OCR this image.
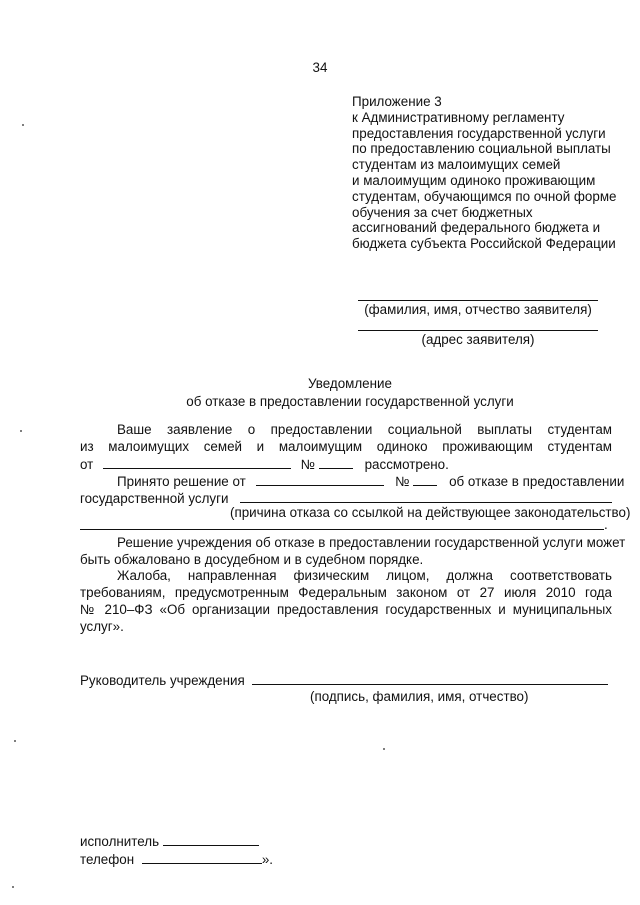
34
Приложение 3
к Административному регламенту
предоставления государственной услуги
по предоставлению социальной выплаты
студентам из малоимущих семей
и малоимущим одиноко проживающим
студентам, обучающимся по очной форме
обучения за счет бюджетных
ассигнований федерального бюджета и
бюджета субъекта Российской Федерации
(фамилия, имя, отчество заявителя)
(адрес заявителя)
Уведомление
об отказе в предоставлении государственной услуги
Ваше заявление о предоставлении социальной выплаты студентам
из малоимущих семей и малоимущим одиноко проживающим студентам
от	№	рассмотрено.
Принято решение от	№	об отказе в предоставлении
государственной услуги
(причина отказа со ссылкой на действующее законодательство)
.
Решение учреждения об отказе в предоставлении государственной услуги может
быть обжаловано в досудебном и в судебном порядке.
Жалоба, направленная физическим лицом, должна соответствовать
требованиям, предусмотренным Федеральным законом от 27 июля 2010 года
№ 210–ФЗ «Об организации предоставления государственных и муниципальных
услуг».
Руководитель учреждения
(подпись, фамилия, имя, отчество)
исполнитель
телефон	».
